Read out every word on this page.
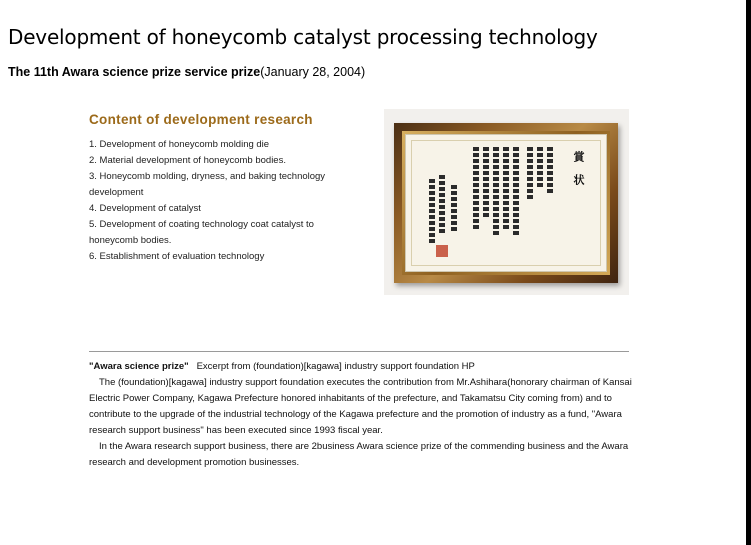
Development of honeycomb catalyst processing technology
The 11th Awara science prize service prize(January 28, 2004)
Content of development research
1. Development of honeycomb molding die
2. Material development of honeycomb bodies.
3. Honeycomb molding, dryness, and baking technology development
4. Development of catalyst
5. Development of coating technology coat catalyst to honeycomb bodies.
6. Establishment of evaluation technology
賞 状

"Awara science prize" Excerpt from (foundation)[kagawa] industry support foundation HP

The (foundation)[kagawa] industry support foundation executes the contribution from Mr.Ashihara(honorary chairman of Kansai Electric Power Company, Kagawa Prefecture honored inhabitants of the prefecture, and Takamatsu City coming from) and to contribute to the upgrade of the industrial technology of the Kagawa prefecture and the promotion of industry as a fund, "Awara research support business" has been executed since 1993 fiscal year.

In the Awara research support business, there are 2business Awara science prize of the commending business and the Awara research and development promotion businesses.
